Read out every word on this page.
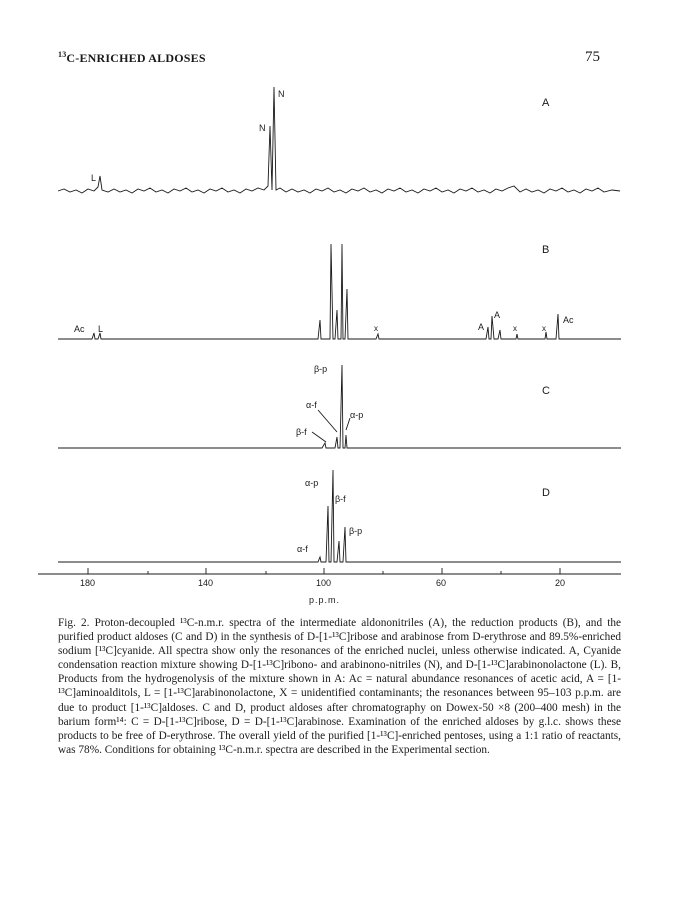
$^{13}$C-ENRICHED ALDOSES	75
A
B
C
D
N
N
L
Ac L	x	A
A
x	x
Ac
β-p
α-f
β-f
α-p
α-p
β-f
β-p
α-f
180	140	100	60	20
p.p.m.
Fig. 2. Proton-decoupled ¹³C-n.m.r. spectra of the intermediate aldononitriles (A), the reduction products (B), and the purified product aldoses (C and D) in the synthesis of D-[1-¹³C]ribose and arabinose from D-erythrose and 89.5%-enriched sodium [¹³C]cyanide. All spectra show only the resonances of the enriched nuclei, unless otherwise indicated. A, Cyanide condensation reaction mixture showing D-[1-¹³C]ribono- and arabinono-nitriles (N), and D-[1-¹³C]arabinonolactone (L). B, Products from the hydrogenolysis of the mixture shown in A: Ac = natural abundance resonances of acetic acid, A = [1-¹³C]aminoalditols, L = [1-¹³C]arabinonolactone, X = unidentified contaminants; the resonances between 95–103 p.p.m. are due to product [1-¹³C]aldoses. C and D, product aldoses after chromatography on Dowex-50 ×8 (200–400 mesh) in the barium form¹⁴: C = D-[1-¹³C]ribose, D = D-[1-¹³C]arabinose. Examination of the enriched aldoses by g.l.c. shows these products to be free of D-erythrose. The overall yield of the purified [1-¹³C]-enriched pentoses, using a 1:1 ratio of reactants, was 78%. Conditions for obtaining ¹³C-n.m.r. spectra are described in the Experimental section.
